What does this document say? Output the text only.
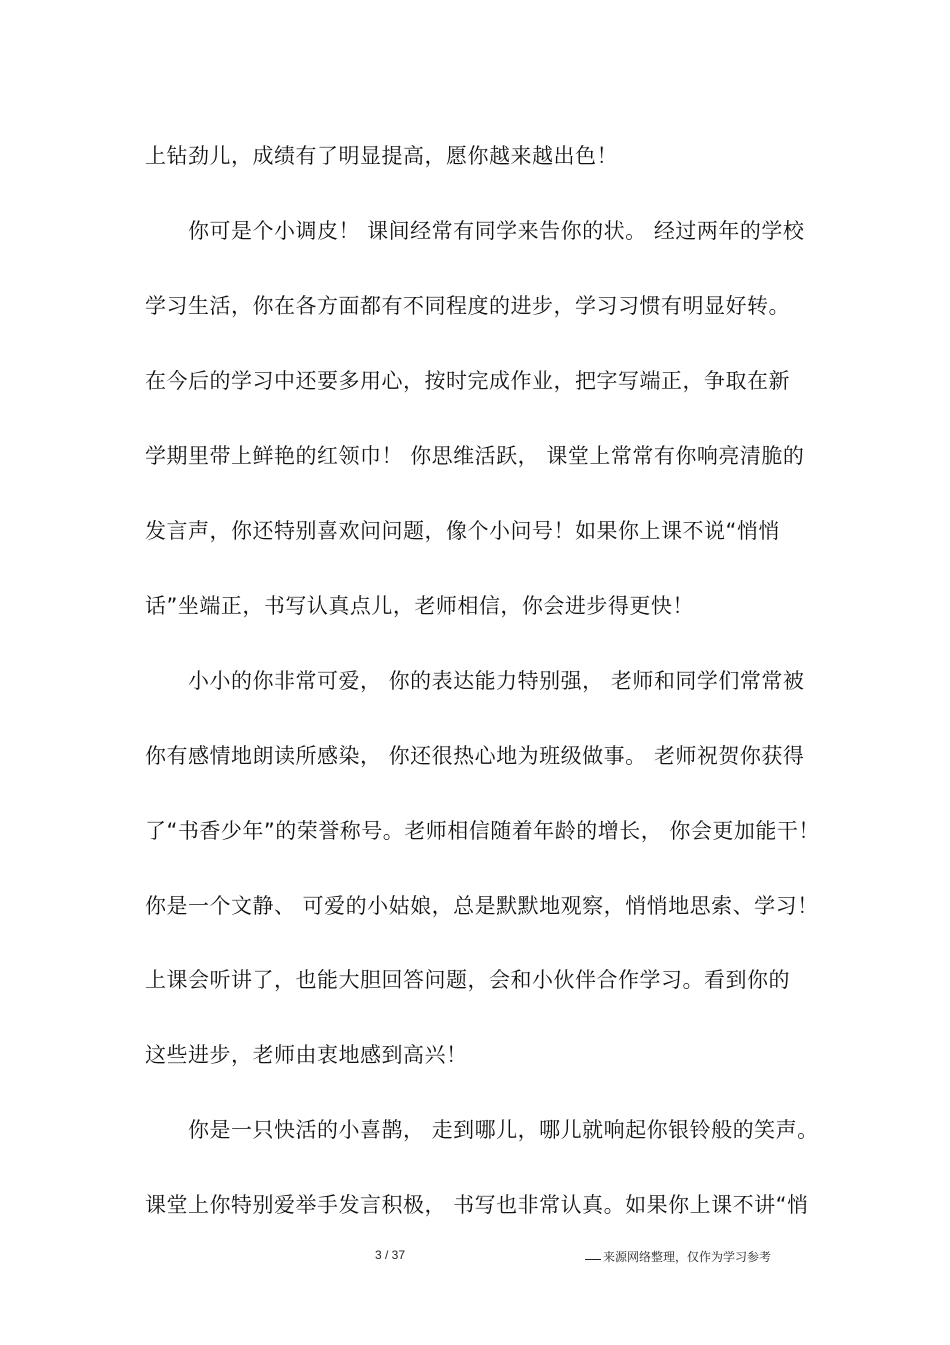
上钻劲儿，成绩有了明显提高，愿你越来越出色！
你可是个小调皮！ 课间经常有同学来告你的状。 经过两年的学校
学习生活，你在各方面都有不同程度的进步，学习习惯有明显好转。
在今后的学习中还要多用心，按时完成作业，把字写端正，争取在新
学期里带上鲜艳的红领巾！ 你思维活跃， 课堂上常常有你响亮清脆的
发言声，你还特别喜欢问问题，像个小问号！如果你上课不说“悄悄
话”坐端正，书写认真点儿，老师相信，你会进步得更快！
小小的你非常可爱， 你的表达能力特别强， 老师和同学们常常被
你有感情地朗读所感染， 你还很热心地为班级做事。 老师祝贺你获得
了“书香少年”的荣誉称号。老师相信随着年龄的增长， 你会更加能干！
你是一个文静、 可爱的小姑娘，总是默默地观察，悄悄地思索、学习！
上课会听讲了，也能大胆回答问题，会和小伙伴合作学习。看到你的
这些进步，老师由衷地感到高兴！
你是一只快活的小喜鹊， 走到哪儿，哪儿就响起你银铃般的笑声。
课堂上你特别爱举手发言积极， 书写也非常认真。如果你上课不讲“悄
3 / 37	来源网络整理，仅作为学习参考
